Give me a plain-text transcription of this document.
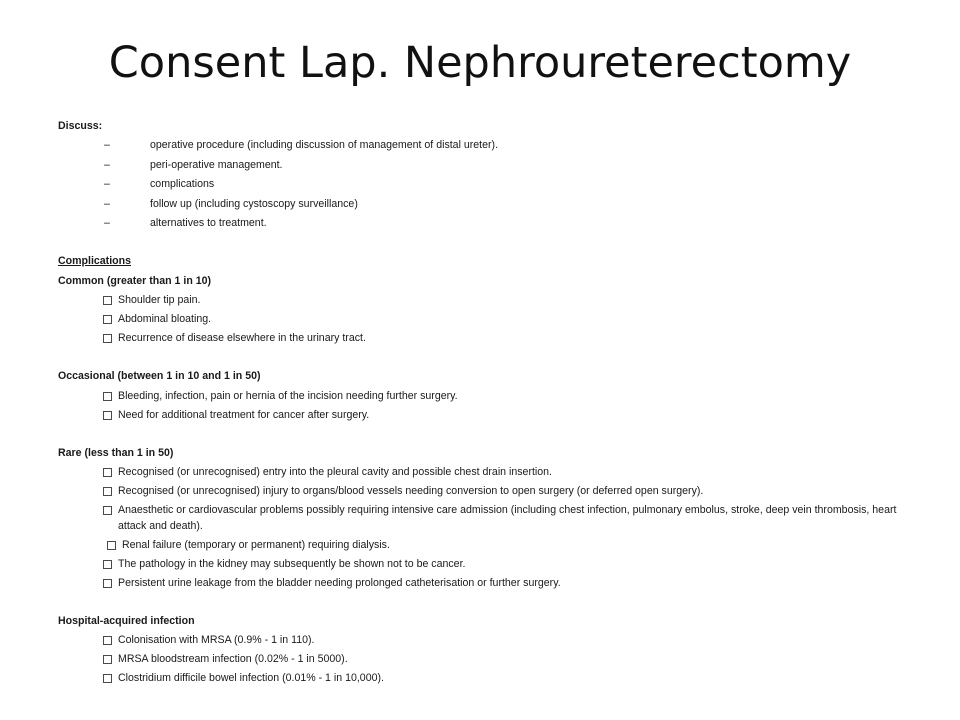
Consent Lap. Nephroureterectomy
Discuss:
–	operative procedure (including discussion of management of distal ureter).
–	peri-operative management.
–	complications
–	follow up (including cystoscopy surveillance)
–	alternatives to treatment.
Complications
Common (greater than 1 in 10)
Shoulder tip pain.
Abdominal bloating.
Recurrence of disease elsewhere in the urinary tract.
Occasional (between 1 in 10 and 1 in 50)
Bleeding, infection, pain or hernia of the incision needing further surgery.
Need for additional treatment for cancer after surgery.
Rare (less than 1 in 50)
Recognised (or unrecognised) entry into the pleural cavity and possible chest drain insertion.
Recognised (or unrecognised) injury to organs/blood vessels needing conversion to open surgery (or deferred open surgery).
Anaesthetic or cardiovascular problems possibly requiring intensive care admission (including chest infection, pulmonary embolus, stroke, deep vein thrombosis, heart attack and death).
Renal failure (temporary or permanent) requiring dialysis.
The pathology in the kidney may subsequently be shown not to be cancer.
Persistent urine leakage from the bladder needing prolonged catheterisation or further surgery.
Hospital-acquired infection
Colonisation with MRSA (0.9% - 1 in 110).
MRSA bloodstream infection (0.02% - 1 in 5000).
Clostridium difficile bowel infection (0.01% - 1 in 10,000).
